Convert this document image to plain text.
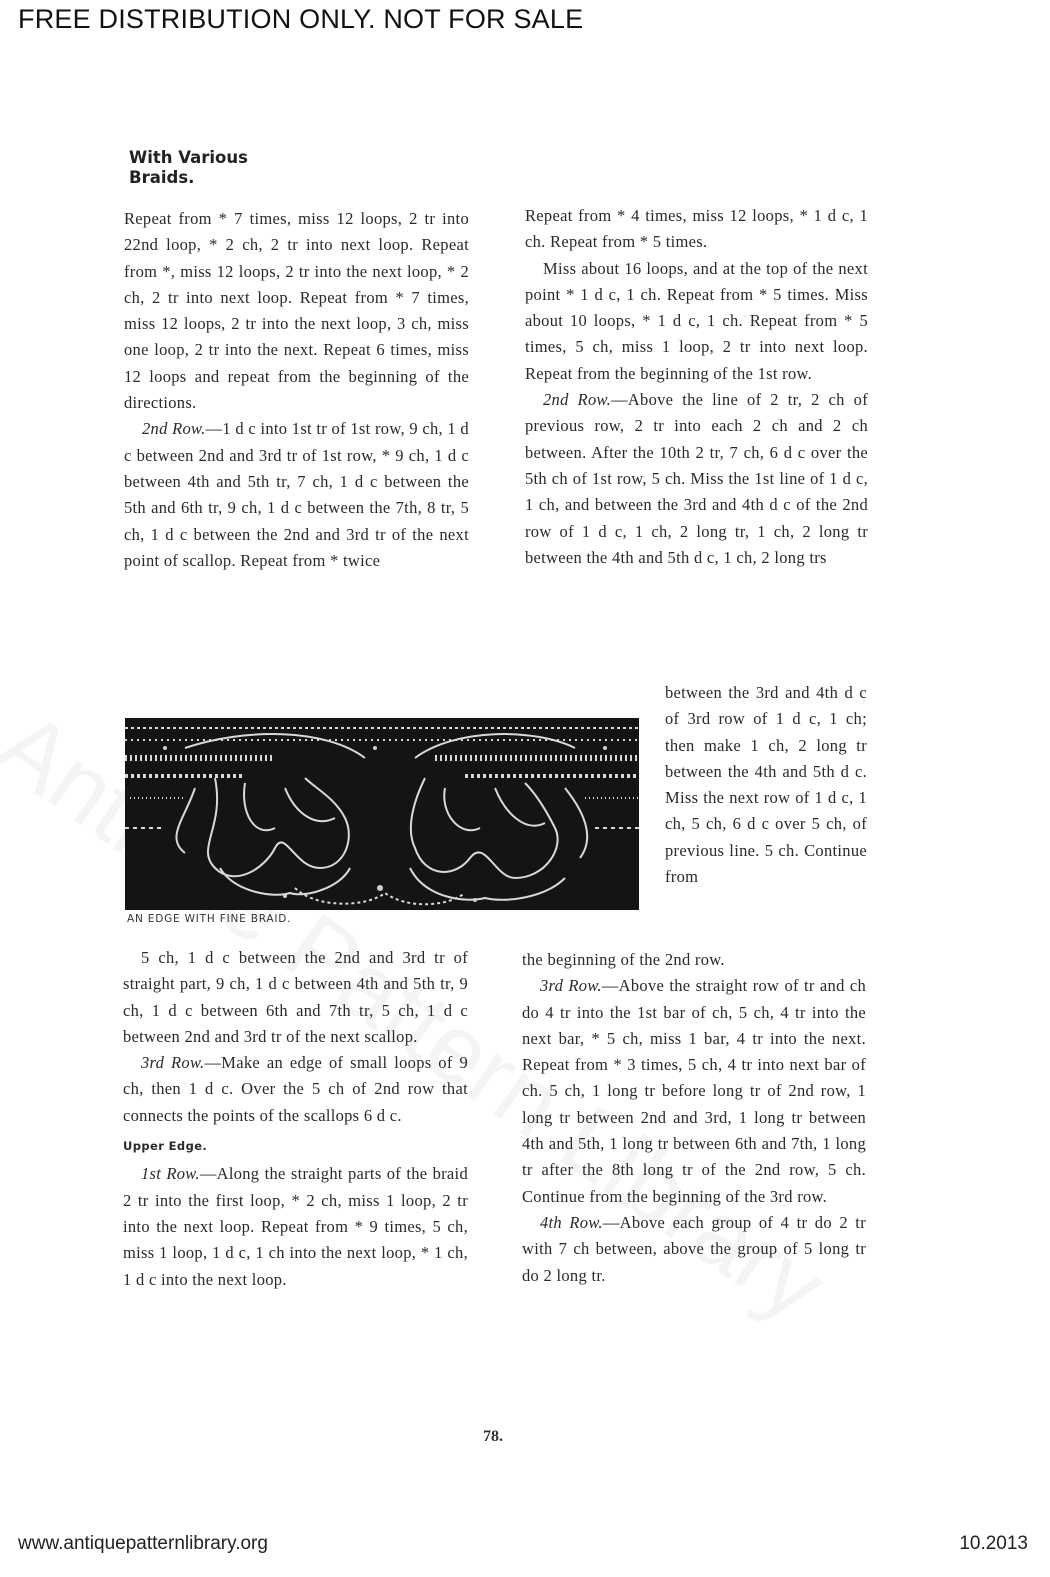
FREE DISTRIBUTION ONLY. NOT FOR SALE
With Various
Braids.

Repeat from * 7 times, miss 12 loops, 2 tr into 22nd loop, * 2 ch, 2 tr into next loop. Repeat from *, miss 12 loops, 2 tr into the next loop, * 2 ch, 2 tr into next loop. Repeat from * 7 times, miss 12 loops, 2 tr into the next loop, 3 ch, miss one loop, 2 tr into the next. Repeat 6 times, miss 12 loops and repeat from the beginning of the directions.

2nd Row.—1 d c into 1st tr of 1st row, 9 ch, 1 d c between 2nd and 3rd tr of 1st row, * 9 ch, 1 d c between 4th and 5th tr, 7 ch, 1 d c between the 5th and 6th tr, 9 ch, 1 d c between the 7th, 8 tr, 5 ch, 1 d c between the 2nd and 3rd tr of the next point of scallop. Repeat from * twice

AN EDGE WITH FINE BRAID.

5 ch, 1 d c between the 2nd and 3rd tr of straight part, 9 ch, 1 d c between 4th and 5th tr, 9 ch, 1 d c between 6th and 7th tr, 5 ch, 1 d c between 2nd and 3rd tr of the next scallop.

3rd Row.—Make an edge of small loops of 9 ch, then 1 d c. Over the 5 ch of 2nd row that connects the points of the scallops 6 d c.

Upper Edge.

1st Row.—Along the straight parts of the braid 2 tr into the first loop, * 2 ch, miss 1 loop, 2 tr into the next loop. Repeat from * 9 times, 5 ch, miss 1 loop, 1 d c, 1 ch into the next loop, * 1 ch, 1 d c into the next loop.

Repeat from * 4 times, miss 12 loops, * 1 d c, 1 ch. Repeat from * 5 times.

Miss about 16 loops, and at the top of the next point * 1 d c, 1 ch. Repeat from * 5 times. Miss about 10 loops, * 1 d c, 1 ch. Repeat from * 5 times, 5 ch, miss 1 loop, 2 tr into next loop. Repeat from the beginning of the 1st row.

2nd Row.—Above the line of 2 tr, 2 ch of previous row, 2 tr into each 2 ch and 2 ch between. After the 10th 2 tr, 7 ch, 6 d c over the 5th ch of 1st row, 5 ch. Miss the 1st line of 1 d c, 1 ch, and between the 3rd and 4th d c of the 2nd row of 1 d c, 1 ch, 2 long tr, 1 ch, 2 long tr between the 4th and 5th d c, 1 ch, 2 long trs

between the 3rd and 4th d c of 3rd row of 1 d c, 1 ch; then make 1 ch, 2 long tr between the 4th and 5th d c. Miss the next row of 1 d c, 1 ch, 5 ch, 6 d c over 5 ch, of previous line. 5 ch. Continue from

the beginning of the 2nd row.

3rd Row.—Above the straight row of tr and ch do 4 tr into the 1st bar of ch, 5 ch, 4 tr into the next bar, * 5 ch, miss 1 bar, 4 tr into the next. Repeat from * 3 times, 5 ch, 4 tr into next bar of ch. 5 ch, 1 long tr before long tr of 2nd row, 1 long tr between 2nd and 3rd, 1 long tr between 4th and 5th, 1 long tr between 6th and 7th, 1 long tr after the 8th long tr of the 2nd row, 5 ch. Continue from the beginning of the 3rd row.

4th Row.—Above each group of 4 tr do 2 tr with 7 ch between, above the group of 5 long tr do 2 long tr.

78.
www.antiquepatternlibrary.org	10.2013
